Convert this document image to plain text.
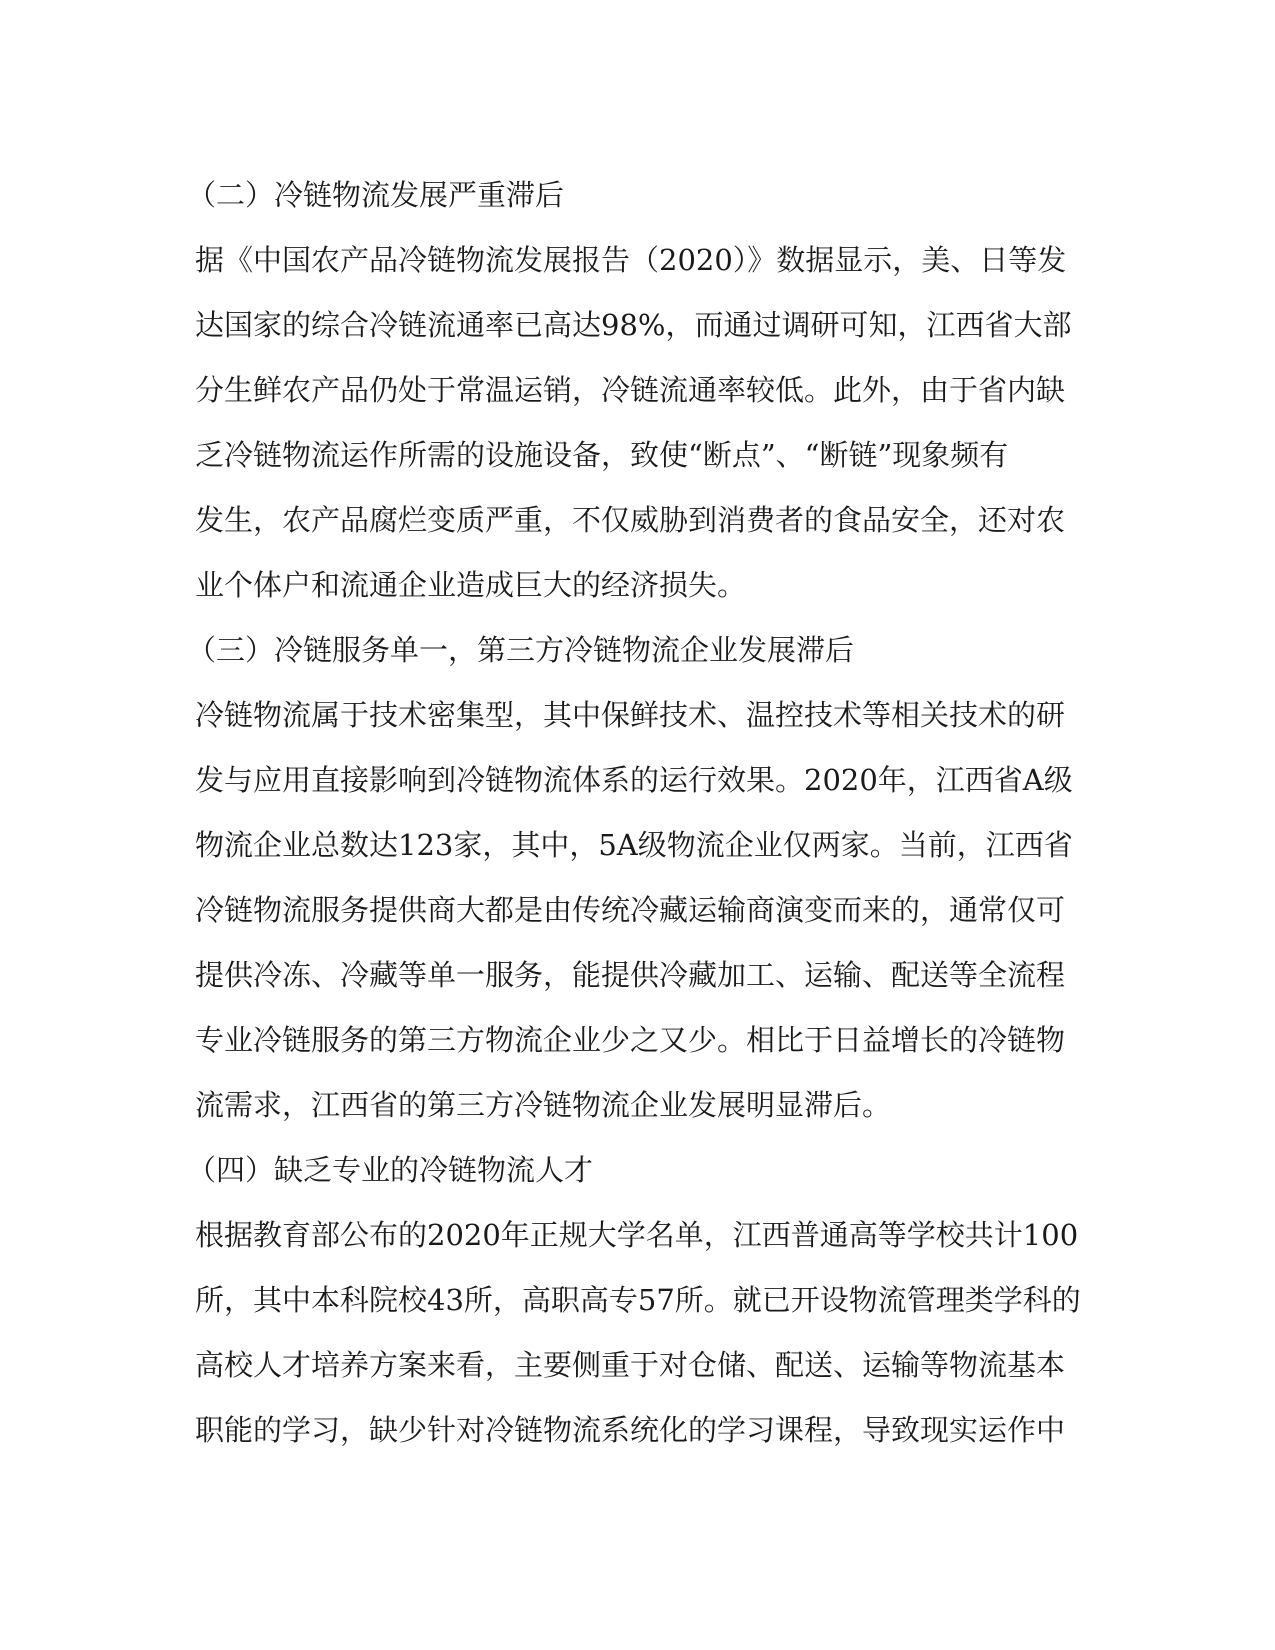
（二）冷链物流发展严重滞后
据《中国农产品冷链物流发展报告（2020）》数据显示，美、日等发
达国家的综合冷链流通率已高达98%，而通过调研可知，江西省大部
分生鲜农产品仍处于常温运销，冷链流通率较低。此外，由于省内缺
乏冷链物流运作所需的设施设备，致使“断点”、“断链”现象频有
发生，农产品腐烂变质严重，不仅威胁到消费者的食品安全，还对农
业个体户和流通企业造成巨大的经济损失。
（三）冷链服务单一，第三方冷链物流企业发展滞后
冷链物流属于技术密集型，其中保鲜技术、温控技术等相关技术的研
发与应用直接影响到冷链物流体系的运行效果。2020年，江西省A级
物流企业总数达123家，其中，5A级物流企业仅两家。当前，江西省
冷链物流服务提供商大都是由传统冷藏运输商演变而来的，通常仅可
提供冷冻、冷藏等单一服务，能提供冷藏加工、运输、配送等全流程
专业冷链服务的第三方物流企业少之又少。相比于日益增长的冷链物
流需求，江西省的第三方冷链物流企业发展明显滞后。
（四）缺乏专业的冷链物流人才
根据教育部公布的2020年正规大学名单，江西普通高等学校共计100
所，其中本科院校43所，高职高专57所。就已开设物流管理类学科的
高校人才培养方案来看，主要侧重于对仓储、配送、运输等物流基本
职能的学习，缺少针对冷链物流系统化的学习课程，导致现实运作中
